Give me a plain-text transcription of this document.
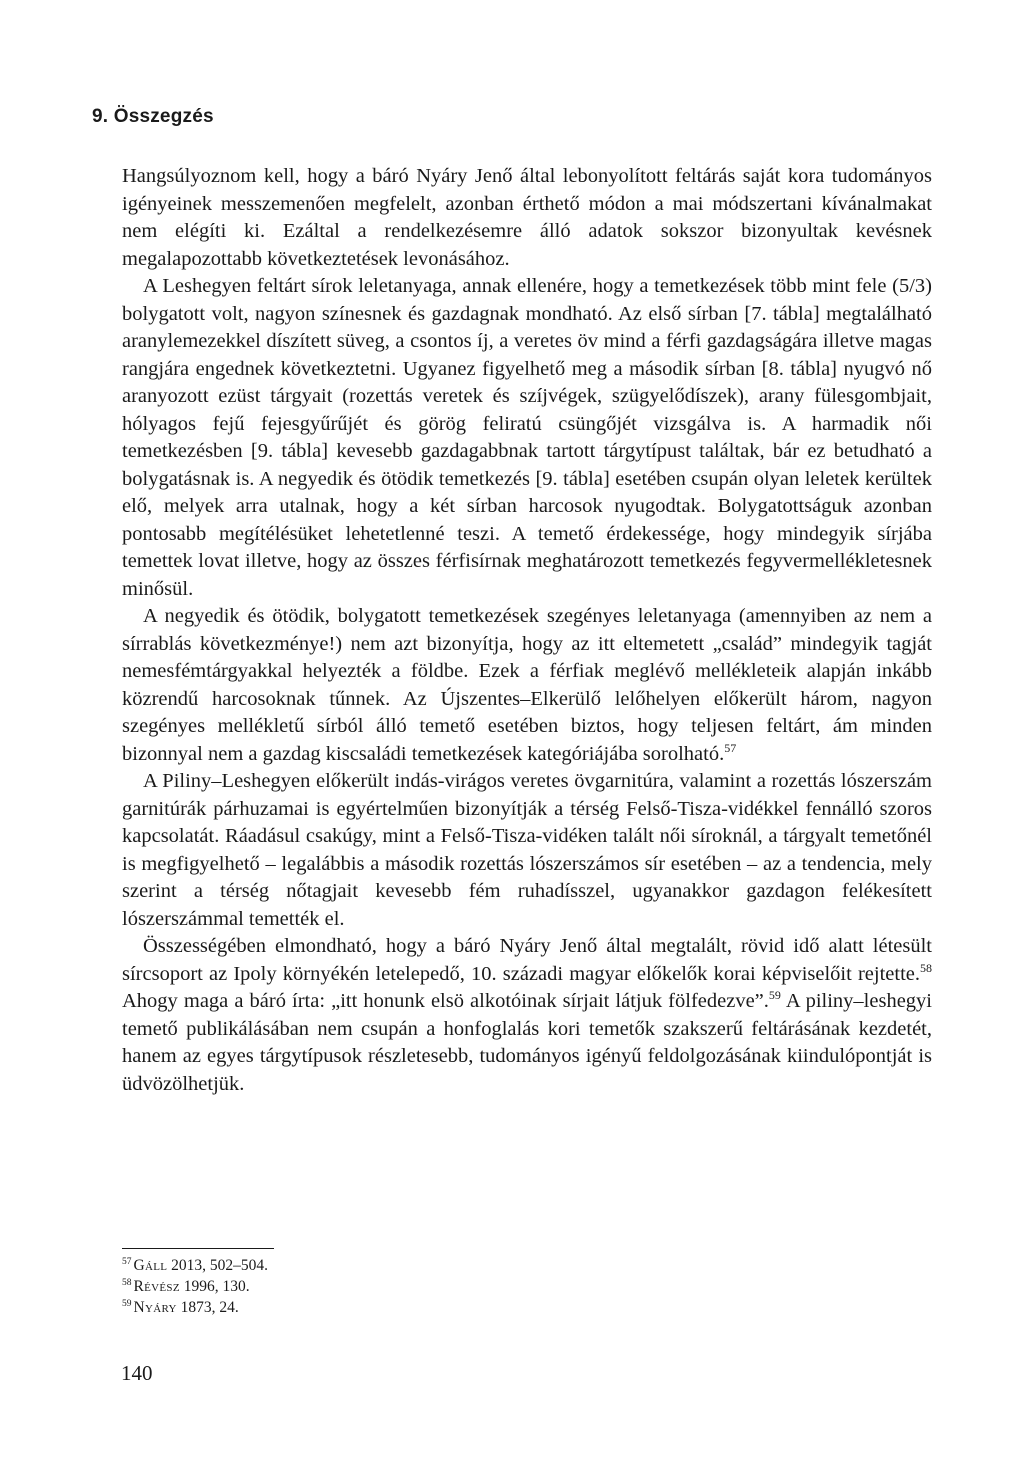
9. Összegzés

Hangsúlyoznom kell, hogy a báró Nyáry Jenő által lebonyolított feltárás saját kora tudományos igényeinek messzemenően megfelelt, azonban érthető módon a mai módszertani kívánalmakat nem elégíti ki. Ezáltal a rendelkezésemre álló adatok sokszor bizonyultak kevésnek megalapozottabb következtetések levonásához.

A Leshegyen feltárt sírok leletanyaga, annak ellenére, hogy a temetkezések több mint fele (5/3) bolygatott volt, nagyon színesnek és gazdagnak mondható. Az első sírban [7. tábla] megtalálható aranylemezekkel díszített süveg, a csontos íj, a veretes öv mind a férfi gazdagságára illetve magas rangjára engednek következtetni. Ugyanez figyelhető meg a második sírban [8. tábla] nyugvó nő aranyozott ezüst tárgyait (rozettás veretek és szíjvégek, szügyelődíszek), arany fülesgombjait, hólyagos fejű fejesgyűrűjét és görög feliratú csüngőjét vizsgálva is. A harmadik női temetkezésben [9. tábla] kevesebb gazdagabbnak tartott tárgytípust találtak, bár ez betudható a bolygatásnak is. A negyedik és ötödik temetkezés [9. tábla] esetében csupán olyan leletek kerültek elő, melyek arra utalnak, hogy a két sírban harcosok nyugodtak. Bolygatottságuk azonban pontosabb megítélésüket lehetetlenné teszi. A temető érdekessége, hogy mindegyik sírjába temettek lovat illetve, hogy az összes férfisírnak meghatározott temetkezés fegyvermellékletesnek minősül.

A negyedik és ötödik, bolygatott temetkezések szegényes leletanyaga (amennyiben az nem a sírrablás következménye!) nem azt bizonyítja, hogy az itt eltemetett „család” mindegyik tagját nemesfémtárgyakkal helyezték a földbe. Ezek a férfiak meglévő mellékleteik alapján inkább közrendű harcosoknak tűnnek. Az Újszentes–Elkerülő lelőhelyen előkerült három, nagyon szegényes mellékletű sírból álló temető esetében biztos, hogy teljesen feltárt, ám minden bizonnyal nem a gazdag kiscsaládi temetkezések kategóriájába sorolható.$^{57}$

A Piliny–Leshegyen előkerült indás-virágos veretes övgarnitúra, valamint a rozettás lószerszám garnitúrák párhuzamai is egyértelműen bizonyítják a térség Felső-Tisza-vidékkel fennálló szoros kapcsolatát. Ráadásul csakúgy, mint a Felső-Tisza-vidéken talált női síroknál, a tárgyalt temetőnél is megfigyelhető – legalábbis a második rozettás lószerszámos sír esetében – az a tendencia, mely szerint a térség nőtagjait kevesebb fém ruhadísszel, ugyanakkor gazdagon felékesített lószerszámmal temették el.

Összességében elmondható, hogy a báró Nyáry Jenő által megtalált, rövid idő alatt létesült sírcsoport az Ipoly környékén letelepedő, 10. századi magyar előkelők korai képviselőit rejtette.$^{58}$ Ahogy maga a báró írta: „itt honunk elsö alkotóinak sírjait látjuk fölfedezve”.$^{59}$ A piliny–leshegyi temető publikálásában nem csupán a honfoglalás kori temetők szakszerű feltárásának kezdetét, hanem az egyes tárgytípusok részletesebb, tudományos igényű feldolgozásának kiindulópontját is üdvözölhetjük.

$^{57}$ Gáll 2013, 502–504.
$^{58}$ Révész 1996, 130.
$^{59}$ Nyáry 1873, 24.
140
